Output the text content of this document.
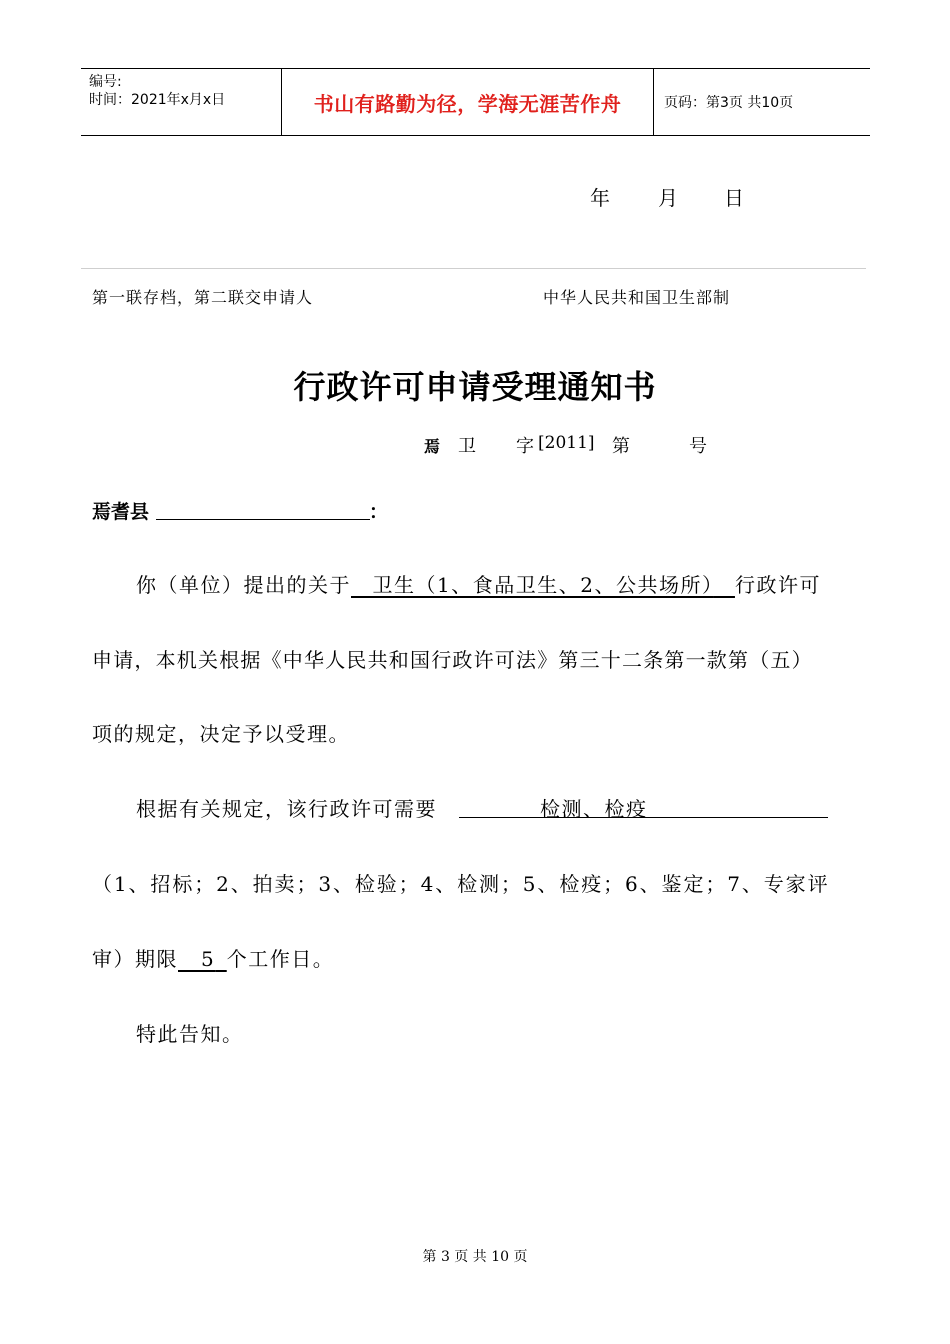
编号:
时间：2021年x月x日	书山有路勤为径，学海无涯苦作舟	页码：第3页 共10页
年 月 日
第一联存档，第二联交申请人	中华人民共和国卫生部制
行政许可申请受理通知书
焉 卫 字 [2011] 第	号
焉耆县	：
你（单位）提出的关于　 卫生（1、食品卫生、2、公共场所）　 行政许可
申请，本机关根据《中华人民共和国行政许可法》第三十二条第一款第（五）
项的规定，决定予以受理。
根据有关规定，该行政许可需要	检测、检疫
（1、招标；2、拍卖；3、检验；4、检测；5、检疫；6、鉴定；7、专家评
审）期限   5  个工作日。
特此告知。
第 3 页 共 10 页
